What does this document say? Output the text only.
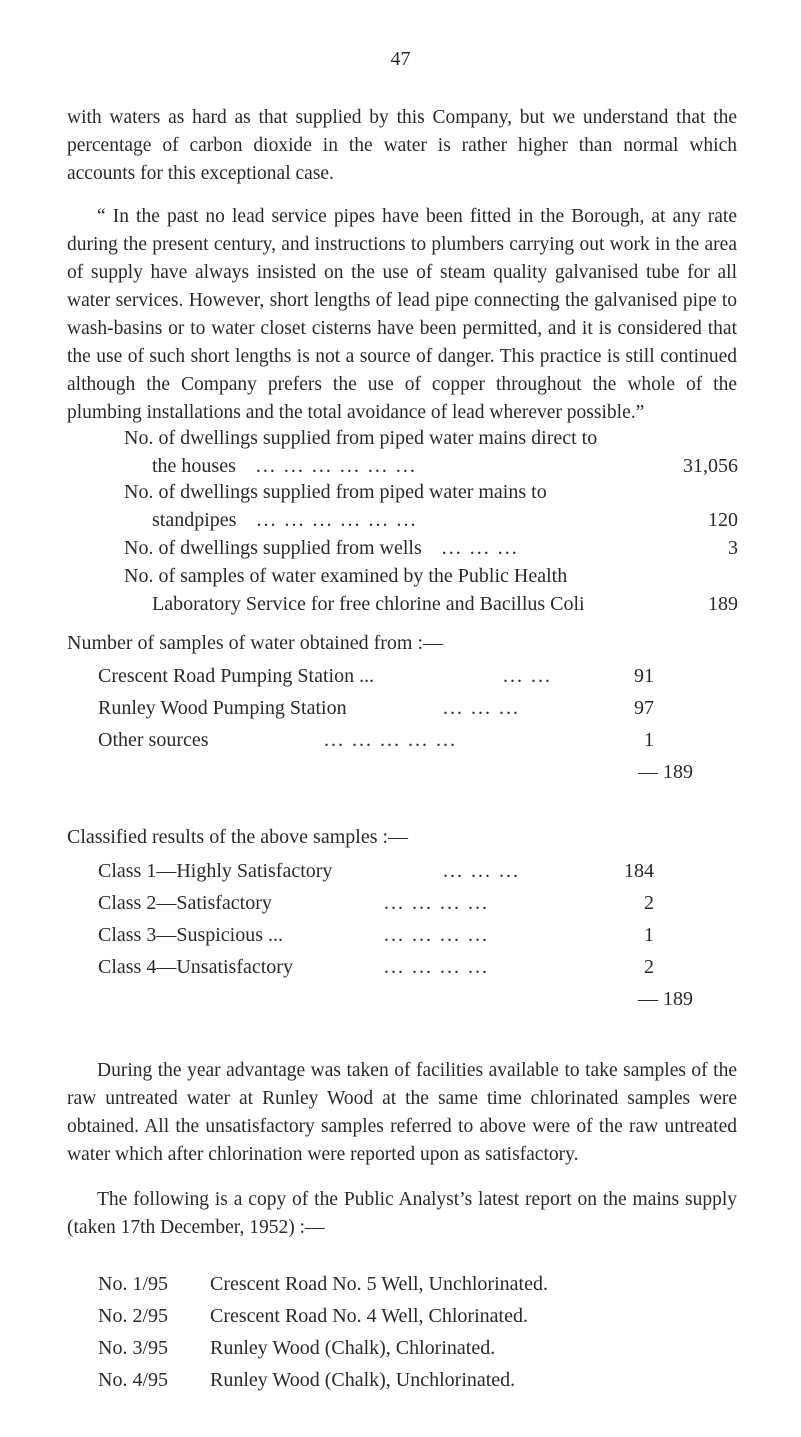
47
with waters as hard as that supplied by this Company, but we understand that the percentage of carbon dioxide in the water is rather higher than normal which accounts for this exceptional case.
“ In the past no lead service pipes have been fitted in the Borough, at any rate during the present century, and instructions to plumbers carrying out work in the area of supply have always insisted on the use of steam quality galvanised tube for all water services. However, short lengths of lead pipe connecting the galvanised pipe to wash-basins or to water closet cisterns have been permitted, and it is considered that the use of such short lengths is not a source of danger. This practice is still continued although the Company prefers the use of copper throughout the whole of the plumbing installations and the total avoidance of lead wherever possible.”
No. of dwellings supplied from piped water mains direct to
the houses ... ... ... ... ... ...	31,056
No. of dwellings supplied from piped water mains to
standpipes ... ... ... ... ... ...	120
No. of dwellings supplied from wells ... ... ...	3
No. of samples of water examined by the Public Health
Laboratory Service for free chlorine and Bacillus Coli	189
Number of samples of water obtained from :—
Crescent Road Pumping Station ...	... ...	91
Runley Wood Pumping Station	... ... ...	97
Other sources	... ... ... ... ...	1
— 189
Classified results of the above samples :—
Class 1—Highly Satisfactory	... ... ...	184
Class 2—Satisfactory	... ... ... ...	2
Class 3—Suspicious ...	... ... ... ...	1
Class 4—Unsatisfactory	... ... ... ...	2
— 189
During the year advantage was taken of facilities available to take samples of the raw untreated water at Runley Wood at the same time chlorinated samples were obtained. All the unsatisfactory samples referred to above were of the raw untreated water which after chlorination were reported upon as satisfactory.
The following is a copy of the Public Analyst’s latest report on the mains supply (taken 17th December, 1952) :—
No. 1/95 Crescent Road No. 5 Well, Unchlorinated.
No. 2/95 Crescent Road No. 4 Well, Chlorinated.
No. 3/95 Runley Wood (Chalk), Chlorinated.
No. 4/95 Runley Wood (Chalk), Unchlorinated.
